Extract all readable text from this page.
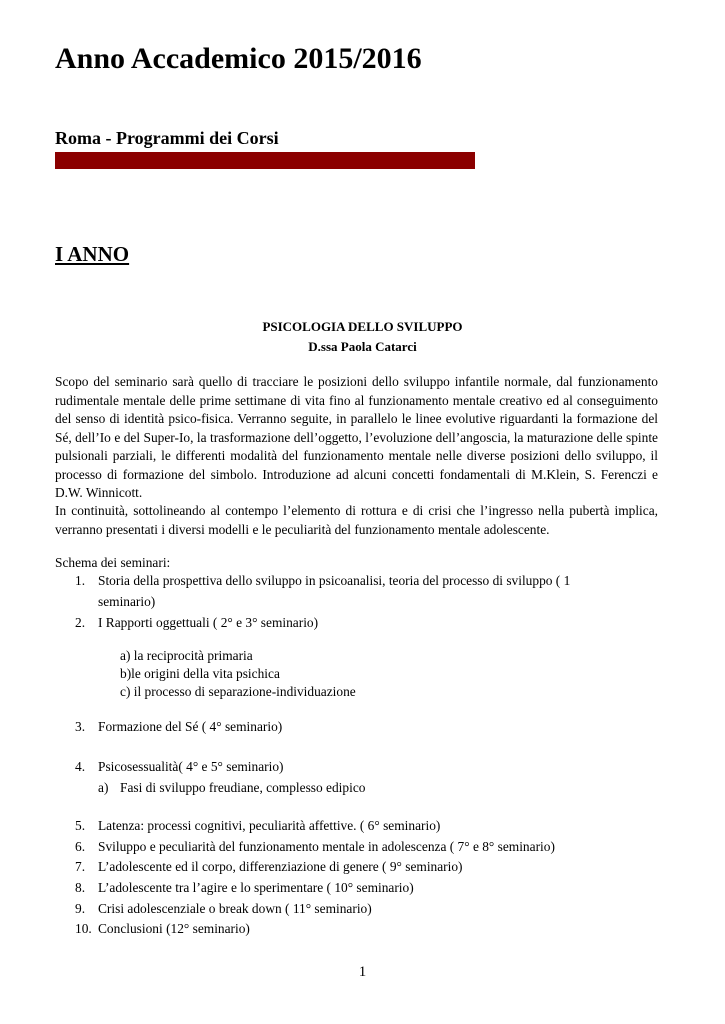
Anno Accademico 2015/2016
Roma - Programmi dei Corsi
I ANNO
PSICOLOGIA DELLO SVILUPPO
D.ssa Paola Catarci

Scopo del seminario sarà quello di tracciare le posizioni dello sviluppo infantile normale, dal funzionamento rudimentale mentale delle prime settimane di vita fino al funzionamento mentale creativo ed al conseguimento del senso di identità psico-fisica. Verranno seguite, in parallelo le linee evolutive riguardanti la formazione del Sé, dell’Io e del Super-Io, la trasformazione dell’oggetto, l’evoluzione dell’angoscia, la maturazione delle spinte pulsionali parziali, le differenti modalità del funzionamento mentale nelle diverse posizioni dello sviluppo, il processo di formazione del simbolo. Introduzione ad alcuni concetti fondamentali di M.Klein, S. Ferenczi e D.W. Winnicott.

In continuità, sottolineando al contempo l’elemento di rottura e di crisi che l’ingresso nella pubertà implica, verranno presentati i diversi modelli e le peculiarità del funzionamento mentale adolescente.

Schema dei seminari:
1. Storia della prospettiva dello sviluppo in psicoanalisi, teoria del processo di sviluppo ( 1
seminario)
2. I Rapporti oggettuali ( 2° e 3° seminario)
a) la reciprocità primaria
b)le origini della vita psichica
c) il processo di separazione-individuazione
3. Formazione del Sé ( 4° seminario)
4. Psicosessualità( 4° e 5° seminario)
a) Fasi di sviluppo freudiane, complesso edipico
5. Latenza: processi cognitivi, peculiarità affettive. ( 6° seminario)
6. Sviluppo e peculiarità del funzionamento mentale in adolescenza ( 7° e 8° seminario)
7. L’adolescente ed il corpo, differenziazione di genere ( 9° seminario)
8. L’adolescente tra l’agire e lo sperimentare ( 10° seminario)
9. Crisi adolescenziale o break down ( 11° seminario)
10. Conclusioni (12° seminario)
1
